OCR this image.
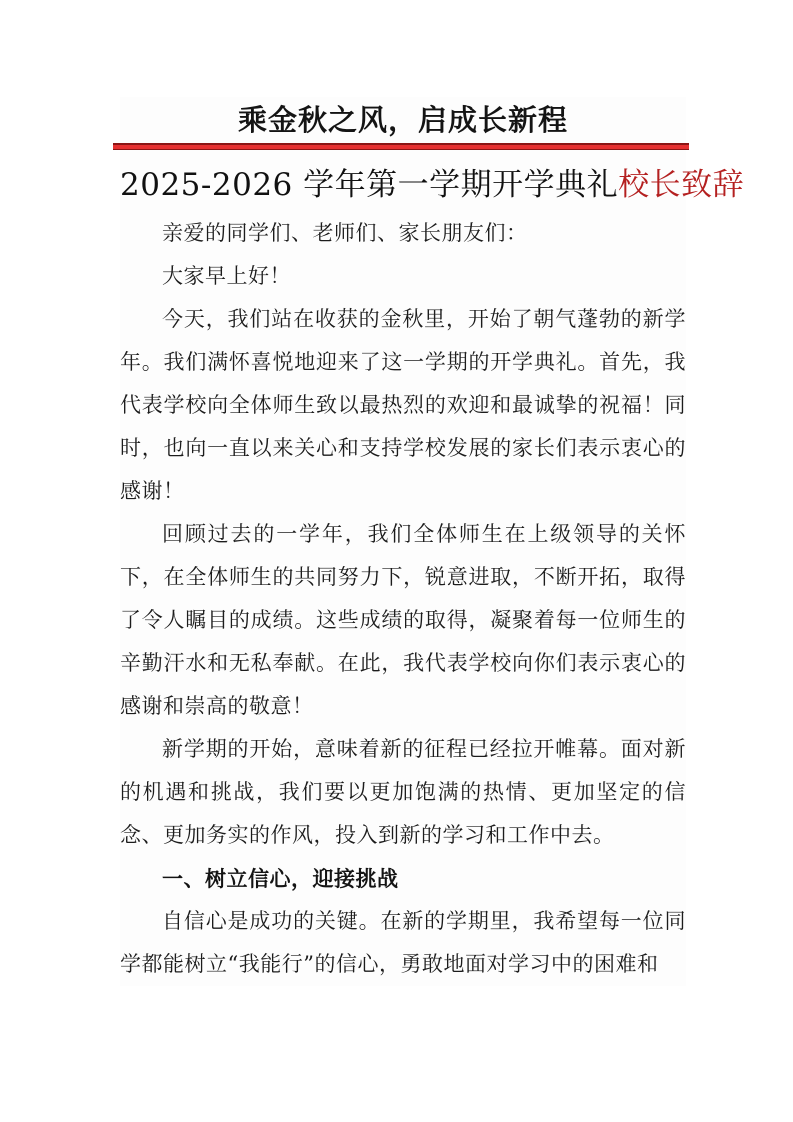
乘金秋之风，启成长新程
2025-2026 学年第一学期开学典礼校长致辞

亲爱的同学们、老师们、家长朋友们：

大家早上好！

今天，我们站在收获的金秋里，开始了朝气蓬勃的新学年。我们满怀喜悦地迎来了这一学期的开学典礼。首先，我代表学校向全体师生致以最热烈的欢迎和最诚挚的祝福！同时，也向一直以来关心和支持学校发展的家长们表示衷心的感谢！

回顾过去的一学年，我们全体师生在上级领导的关怀下，在全体师生的共同努力下，锐意进取，不断开拓，取得了令人瞩目的成绩。这些成绩的取得，凝聚着每一位师生的辛勤汗水和无私奉献。在此，我代表学校向你们表示衷心的感谢和崇高的敬意！

新学期的开始，意味着新的征程已经拉开帷幕。面对新的机遇和挑战，我们要以更加饱满的热情、更加坚定的信念、更加务实的作风，投入到新的学习和工作中去。

一、树立信心，迎接挑战

自信心是成功的关键。在新的学期里，我希望每一位同学都能树立“我能行”的信心，勇敢地面对学习中的困难和
